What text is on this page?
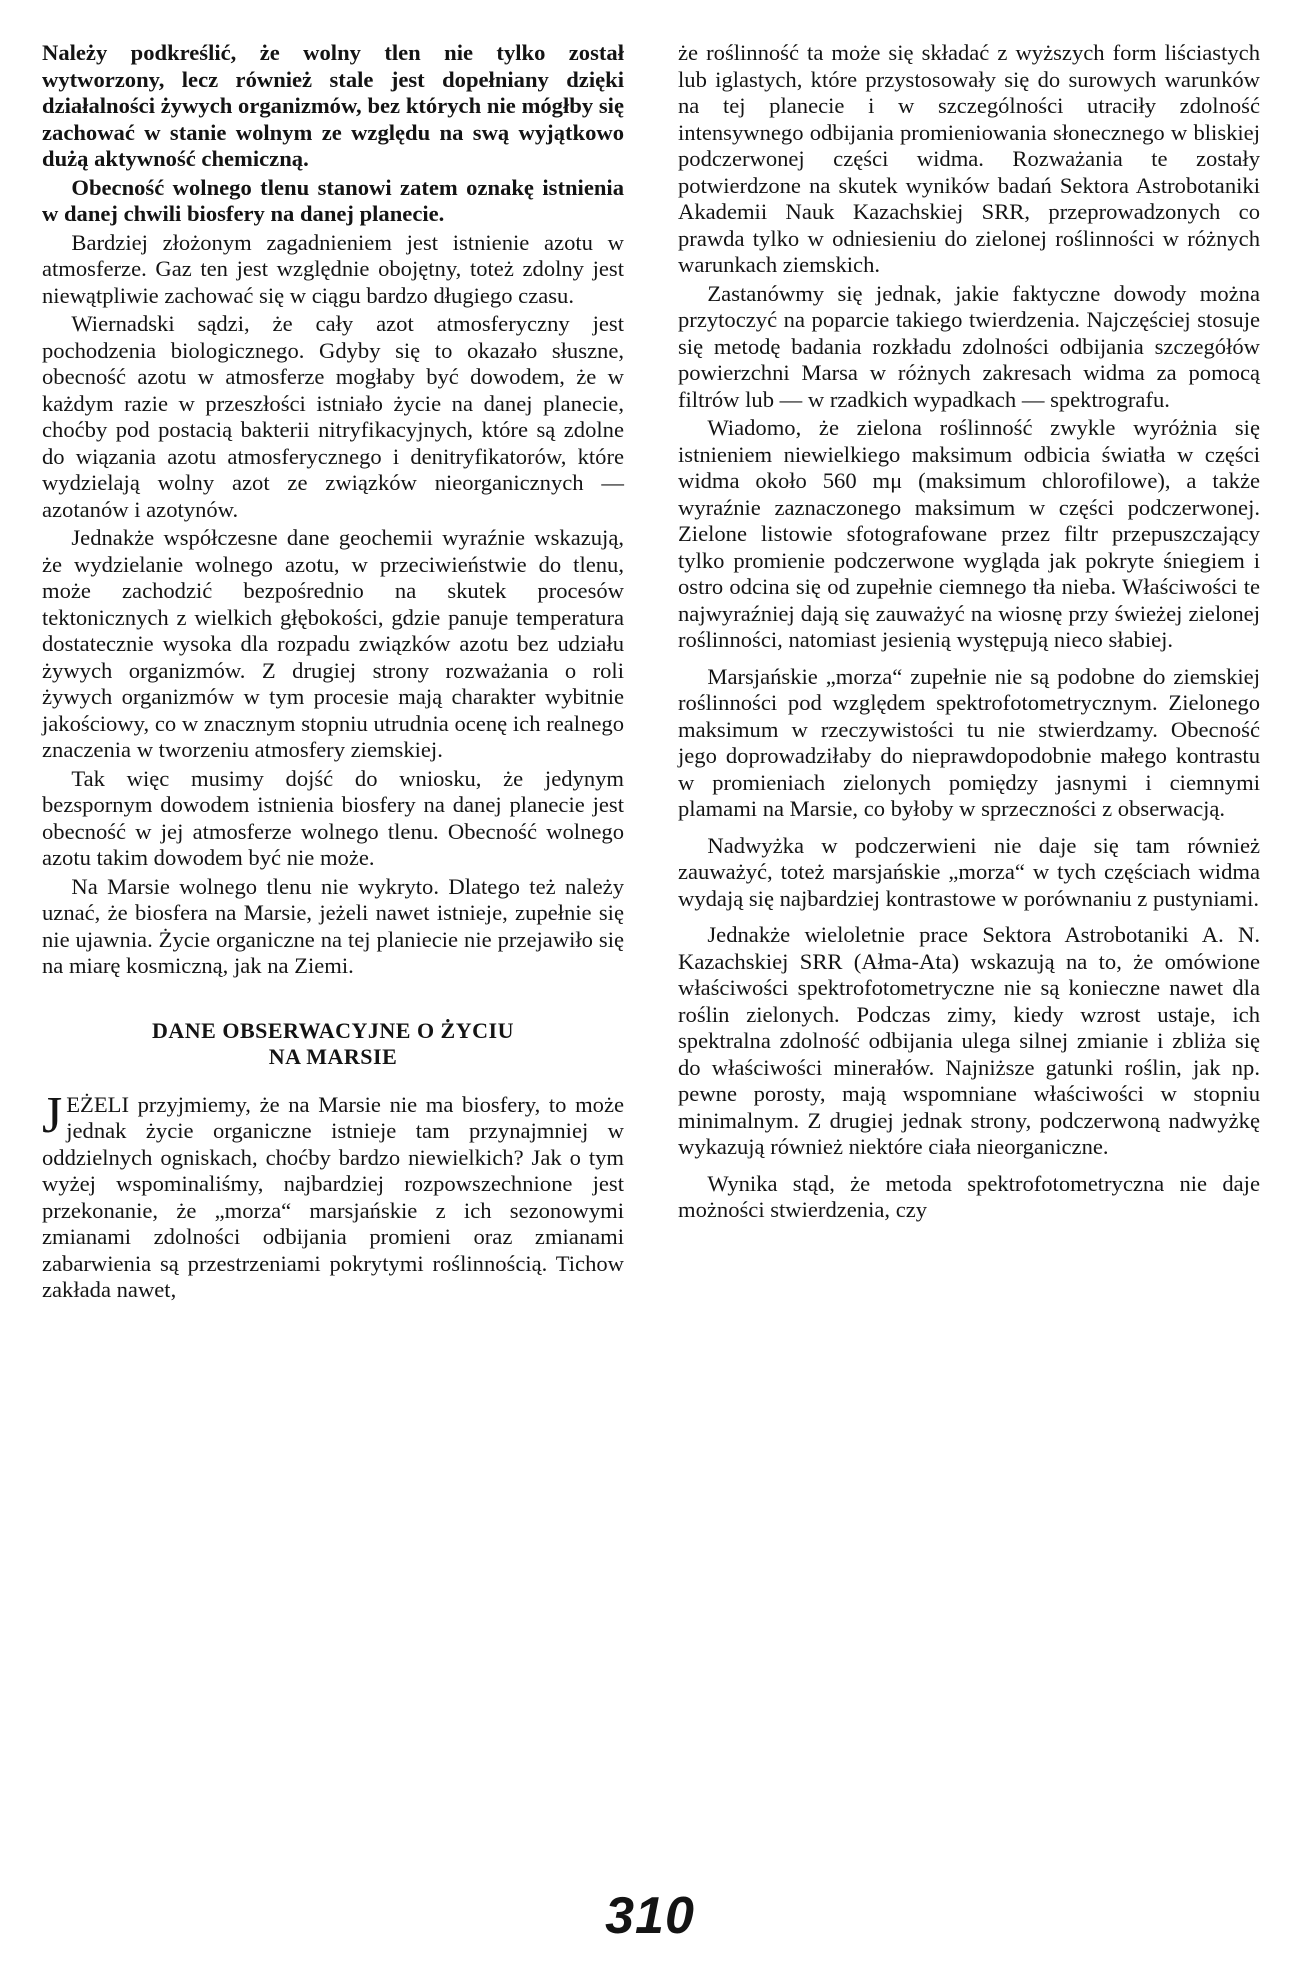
Należy podkreślić, że wolny tlen nie tylko został wytworzony, lecz również stale jest dopełniany dzięki działalności żywych organizmów, bez których nie mógłby się zachować w stanie wolnym ze względu na swą wyjątkowo dużą aktywność chemiczną.

Obecność wolnego tlenu stanowi zatem oznakę istnienia w danej chwili biosfery na danej planecie.

Bardziej złożonym zagadnieniem jest istnienie azotu w atmosferze. Gaz ten jest względnie obojętny, toteż zdolny jest niewątpliwie zachować się w ciągu bardzo długiego czasu.

Wiernadski sądzi, że cały azot atmosferyczny jest pochodzenia biologicznego. Gdyby się to okazało słuszne, obecność azotu w atmosferze mogłaby być dowodem, że w każdym razie w przeszłości istniało życie na danej planecie, choćby pod postacią bakterii nitryfikacyjnych, które są zdolne do wiązania azotu atmosferycznego i denitryfikatorów, które wydzielają wolny azot ze związków nieorganicznych — azotanów i azotynów.

Jednakże współczesne dane geochemii wyraźnie wskazują, że wydzielanie wolnego azotu, w przeciwieństwie do tlenu, może zachodzić bezpośrednio na skutek procesów tektonicznych z wielkich głębokości, gdzie panuje temperatura dostatecznie wysoka dla rozpadu związków azotu bez udziału żywych organizmów. Z drugiej strony rozważania o roli żywych organizmów w tym procesie mają charakter wybitnie jakościowy, co w znacznym stopniu utrudnia ocenę ich realnego znaczenia w tworzeniu atmosfery ziemskiej.

Tak więc musimy dojść do wniosku, że jedynym bezspornym dowodem istnienia biosfery na danej planecie jest obecność w jej atmosferze wolnego tlenu. Obecność wolnego azotu takim dowodem być nie może.

Na Marsie wolnego tlenu nie wykryto. Dlatego też należy uznać, że biosfera na Marsie, jeżeli nawet istnieje, zupełnie się nie ujawnia. Życie organiczne na tej planiecie nie przejawiło się na miarę kosmiczną, jak na Ziemi.

DANE OBSERWACYJNE O ŻYCIU
NA MARSIE

JEŻELI przyjmiemy, że na Marsie nie ma biosfery, to może jednak życie organiczne istnieje tam przynajmniej w oddzielnych ogniskach, choćby bardzo niewielkich? Jak o tym wyżej wspominaliśmy, najbardziej rozpowszechnione jest przekonanie, że „morza“ marsjańskie z ich sezonowymi zmianami zdolności odbijania promieni oraz zmianami zabarwienia są przestrzeniami pokrytymi roślinnością. Tichow zakłada nawet,

że roślinność ta może się składać z wyższych form liściastych lub iglastych, które przystosowały się do surowych warunków na tej planecie i w szczególności utraciły zdolność intensywnego odbijania promieniowania słonecznego w bliskiej podczerwonej części widma. Rozważania te zostały potwierdzone na skutek wyników badań Sektora Astrobotaniki Akademii Nauk Kazachskiej SRR, przeprowadzonych co prawda tylko w odniesieniu do zielonej roślinności w różnych warunkach ziemskich.

Zastanówmy się jednak, jakie faktyczne dowody można przytoczyć na poparcie takiego twierdzenia. Najczęściej stosuje się metodę badania rozkładu zdolności odbijania szczegółów powierzchni Marsa w różnych zakresach widma za pomocą filtrów lub — w rzadkich wypadkach — spektrografu.

Wiadomo, że zielona roślinność zwykle wyróżnia się istnieniem niewielkiego maksimum odbicia światła w części widma około 560 mμ (maksimum chlorofilowe), a także wyraźnie zaznaczonego maksimum w części podczerwonej. Zielone listowie sfotografowane przez filtr przepuszczający tylko promienie podczerwone wygląda jak pokryte śniegiem i ostro odcina się od zupełnie ciemnego tła nieba. Właściwości te najwyraźniej dają się zauważyć na wiosnę przy świeżej zielonej roślinności, natomiast jesienią występują nieco słabiej.

Marsjańskie „morza“ zupełnie nie są podobne do ziemskiej roślinności pod względem spektrofotometrycznym. Zielonego maksimum w rzeczywistości tu nie stwierdzamy. Obecność jego doprowadziłaby do nieprawdopodobnie małego kontrastu w promieniach zielonych pomiędzy jasnymi i ciemnymi plamami na Marsie, co byłoby w sprzeczności z obserwacją.

Nadwyżka w podczerwieni nie daje się tam również zauważyć, toteż marsjańskie „morza“ w tych częściach widma wydają się najbardziej kontrastowe w porównaniu z pustyniami.

Jednakże wieloletnie prace Sektora Astrobotaniki A. N. Kazachskiej SRR (Ałma-Ata) wskazują na to, że omówione właściwości spektrofotometryczne nie są konieczne nawet dla roślin zielonych. Podczas zimy, kiedy wzrost ustaje, ich spektralna zdolność odbijania ulega silnej zmianie i zbliża się do właściwości minerałów. Najniższe gatunki roślin, jak np. pewne porosty, mają wspomniane właściwości w stopniu minimalnym. Z drugiej jednak strony, podczerwoną nadwyżkę wykazują również niektóre ciała nieorganiczne.

Wynika stąd, że metoda spektrofotometryczna nie daje możności stwierdzenia, czy

310
